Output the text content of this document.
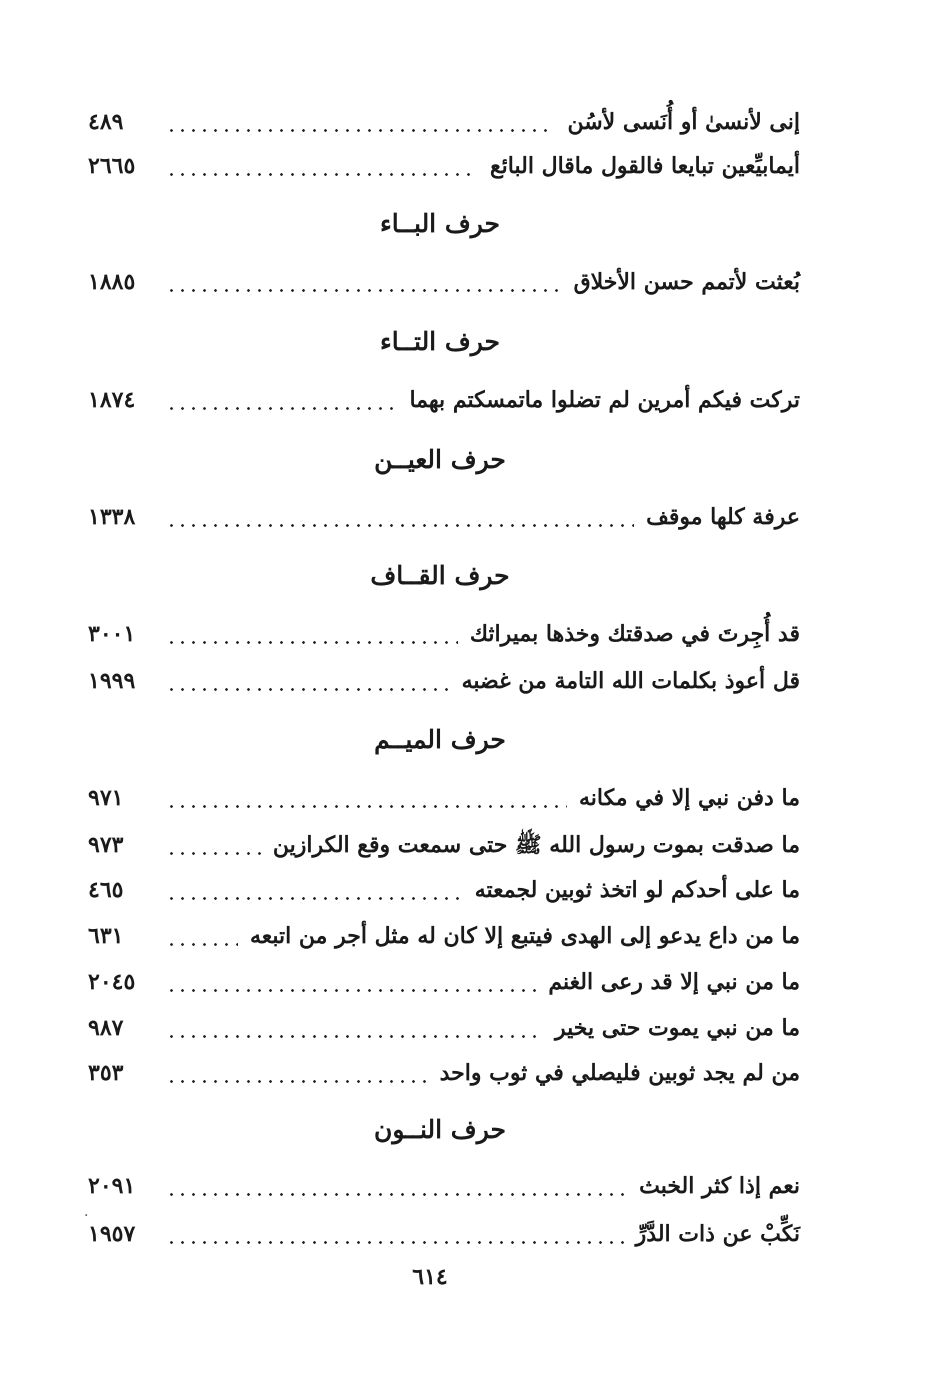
٤٨٩	إنى لأنسىٰ أو أُنَسى لأسُن
٢٦٦٥	أيمابيِّعين تبايعا فالقول ماقال البائع
حرف البــاء
١٨٨٥	بُعثت لأتمم حسن الأخلاق
حرف التــاء
١٨٧٤	تركت فيكم أمرين لم تضلوا ماتمسكتم بهما
حرف العيــن
١٣٣٨	عرفة كلها موقف
حرف القــاف
٣٠٠١	قد أُجِرتَ في صدقتك وخذها بميراثك
١٩٩٩	قل أعوذ بكلمات الله التامة من غضبه
حرف الميــم
٩٧١	ما دفن نبي إلا في مكانه
٩٧٣	ما صدقت بموت رسول الله ﷺ حتى سمعت وقع الكرازين
٤٦٥	ما على أحدكم لو اتخذ ثوبين لجمعته
٦٣١	ما من داع يدعو إلى الهدى فيتبع إلا كان له مثل أجر من اتبعه
٢٠٤٥	ما من نبي إلا قد رعى الغنم
٩٨٧	ما من نبي يموت حتى يخير
٣٥٣	من لم يجد ثوبين فليصلي في ثوب واحد
حرف النــون
٢٠٩١	نعم إذا كثر الخبث
١٩٥٧	نَكِّبْ عن ذات الدَّرِّ
٦١٤
·
